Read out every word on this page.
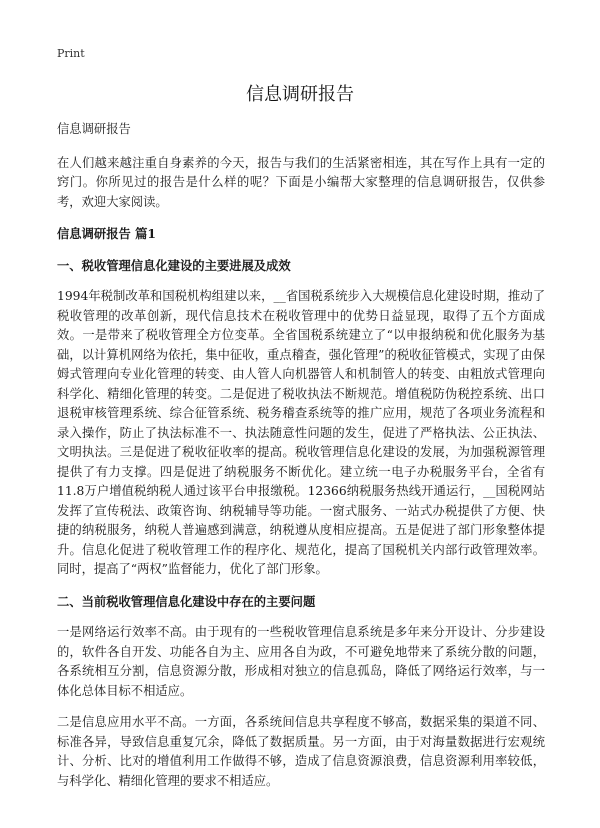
Print
信息调研报告

信息调研报告

在人们越来越注重自身素养的今天，报告与我们的生活紧密相连，其在写作上具有一定的窍门。你所见过的报告是什么样的呢？下面是小编帮大家整理的信息调研报告，仅供参考，欢迎大家阅读。

信息调研报告 篇1

一、税收管理信息化建设的主要进展及成效

1994年税制改革和国税机构组建以来，__省国税系统步入大规模信息化建设时期，推动了税收管理的改革创新，现代信息技术在税收管理中的优势日益显现，取得了五个方面成效。一是带来了税收管理全方位变革。全省国税系统建立了“以申报纳税和优化服务为基础，以计算机网络为依托，集中征收，重点稽查，强化管理”的税收征管模式，实现了由保姆式管理向专业化管理的转变、由人管人向机器管人和机制管人的转变、由粗放式管理向科学化、精细化管理的转变。二是促进了税收执法不断规范。增值税防伪税控系统、出口退税审核管理系统、综合征管系统、税务稽查系统等的推广应用，规范了各项业务流程和录入操作，防止了执法标准不一、执法随意性问题的发生，促进了严格执法、公正执法、文明执法。三是促进了税收征收率的提高。税收管理信息化建设的发展，为加强税源管理提供了有力支撑。四是促进了纳税服务不断优化。建立统一电子办税服务平台，全省有11.8万户增值税纳税人通过该平台申报缴税。12366纳税服务热线开通运行，__国税网站发挥了宣传税法、政策咨询、纳税辅导等功能。一窗式服务、一站式办税提供了方便、快捷的纳税服务，纳税人普遍感到满意，纳税遵从度相应提高。五是促进了部门形象整体提升。信息化促进了税收管理工作的程序化、规范化，提高了国税机关内部行政管理效率。同时，提高了“两权”监督能力，优化了部门形象。

二、当前税收管理信息化建设中存在的主要问题

一是网络运行效率不高。由于现有的一些税收管理信息系统是多年来分开设计、分步建设的，软件各自开发、功能各自为主、应用各自为政，不可避免地带来了系统分散的问题，各系统相互分割，信息资源分散，形成相对独立的信息孤岛，降低了网络运行效率，与一体化总体目标不相适应。

二是信息应用水平不高。一方面，各系统间信息共享程度不够高，数据采集的渠道不同、标准各异，导致信息重复冗余，降低了数据质量。另一方面，由于对海量数据进行宏观统计、分析、比对的增值利用工作做得不够，造成了信息资源浪费，信息资源利用率较低，与科学化、精细化管理的要求不相适应。
